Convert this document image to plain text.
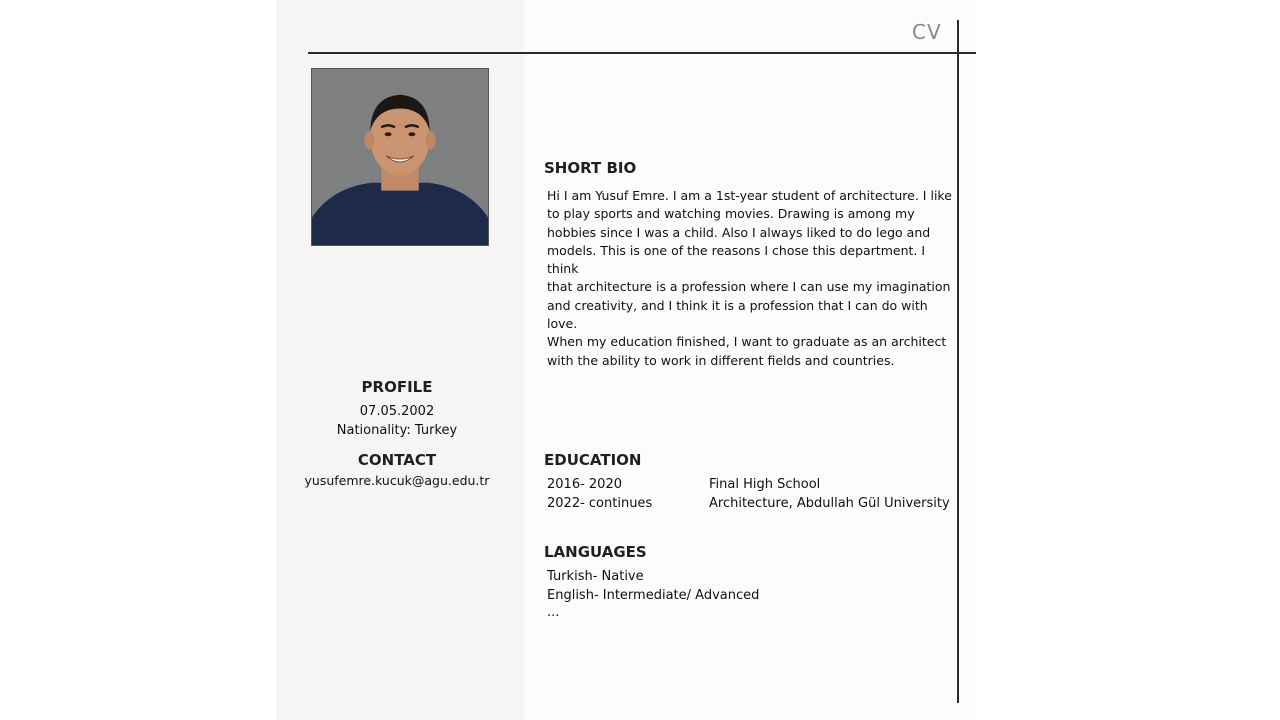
CV
SHORT BIO
Hi I am Yusuf Emre. I am a 1st-year student of architecture. I like
to play sports and watching movies. Drawing is among my
hobbies since I was a child. Also I always liked to do lego and
models. This is one of the reasons I chose this department. I think
that architecture is a profession where I can use my imagination
and creativity, and I think it is a profession that I can do with love.
When my education finished, I want to graduate as an architect
with the ability to work in different fields and countries.
PROFILE
07.05.2002
Nationality: Turkey
CONTACT
yusufemre.kucuk@agu.edu.tr
EDUCATION
2016- 2020	Final High School
2022- continues	Architecture, Abdullah Gül University
LANGUAGES
Turkish- Native
English- Intermediate/ Advanced
...
